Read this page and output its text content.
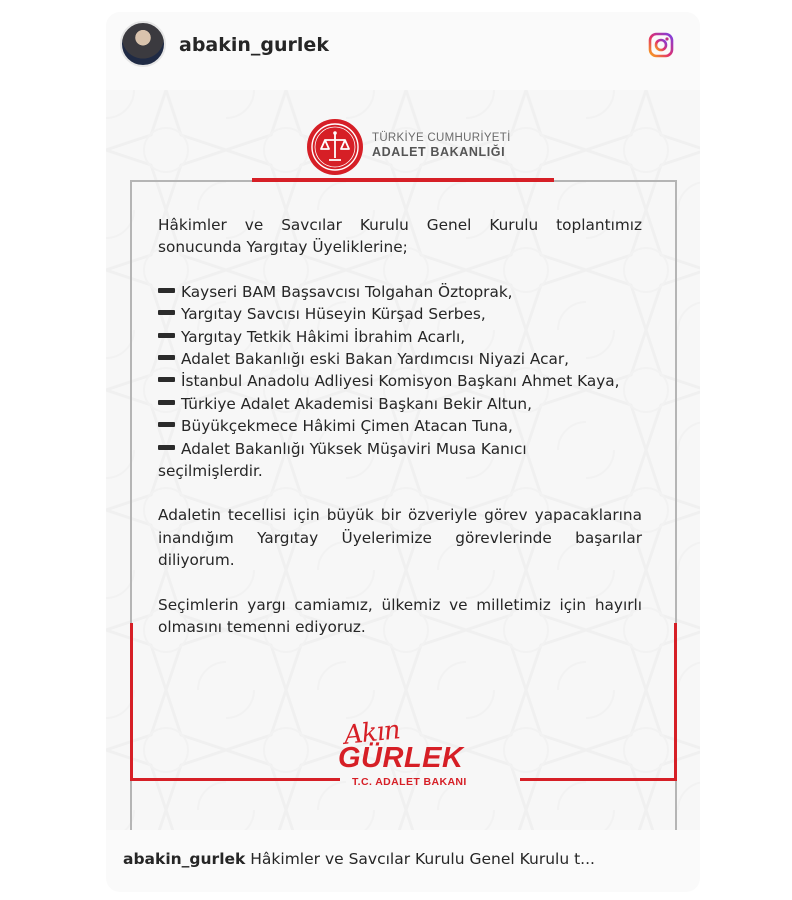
abakin_gurlek
TÜRKİYE CUMHURİYETİ
ADALET BAKANLIĞI
Hâkimler ve Savcılar Kurulu Genel Kurulu toplantımız sonucunda Yargıtay Üyeliklerine;
Kayseri BAM Başsavcısı Tolgahan Öztoprak,
Yargıtay Savcısı Hüseyin Kürşad Serbes,
Yargıtay Tetkik Hâkimi İbrahim Acarlı,
Adalet Bakanlığı eski Bakan Yardımcısı Niyazi Acar,
İstanbul Anadolu Adliyesi Komisyon Başkanı Ahmet Kaya,
Türkiye Adalet Akademisi Başkanı Bekir Altun,
Büyükçekmece Hâkimi Çimen Atacan Tuna,
Adalet Bakanlığı Yüksek Müşaviri Musa Kanıcı
seçilmişlerdir.
Adaletin tecellisi için büyük bir özveriyle görev yapacaklarına inandığım Yargıtay Üyelerimize görevlerinde başarılar diliyorum.
Seçimlerin yargı camiamız, ülkemiz ve milletimiz için hayırlı olmasını temenni ediyoruz.
Akın
GÜRLEK
T.C. ADALET BAKANI
abakin_gurlek Hâkimler ve Savcılar Kurulu Genel Kurulu t...
